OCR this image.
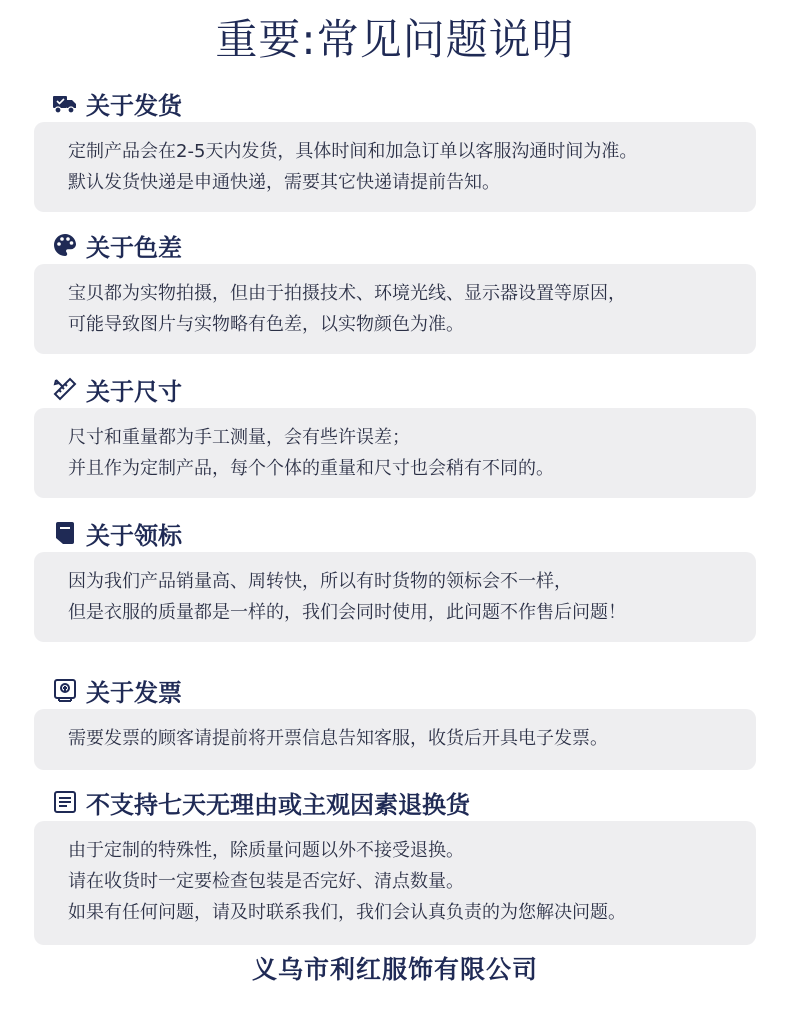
重要:常见问题说明
关于发货
定制产品会在2-5天内发货，具体时间和加急订单以客服沟通时间为准。
默认发货快递是申通快递，需要其它快递请提前告知。
关于色差
宝贝都为实物拍摄，但由于拍摄技术、环境光线、显示器设置等原因，
可能导致图片与实物略有色差，以实物颜色为准。
关于尺寸
尺寸和重量都为手工测量，会有些许误差；
并且作为定制产品，每个个体的重量和尺寸也会稍有不同的。
关于领标
因为我们产品销量高、周转快，所以有时货物的领标会不一样，
但是衣服的质量都是一样的，我们会同时使用，此问题不作售后问题！
关于发票
需要发票的顾客请提前将开票信息告知客服，收货后开具电子发票。
不支持七天无理由或主观因素退换货
由于定制的特殊性，除质量问题以外不接受退换。
请在收货时一定要检查包装是否完好、清点数量。
如果有任何问题，请及时联系我们，我们会认真负责的为您解决问题。
义乌市利红服饰有限公司
